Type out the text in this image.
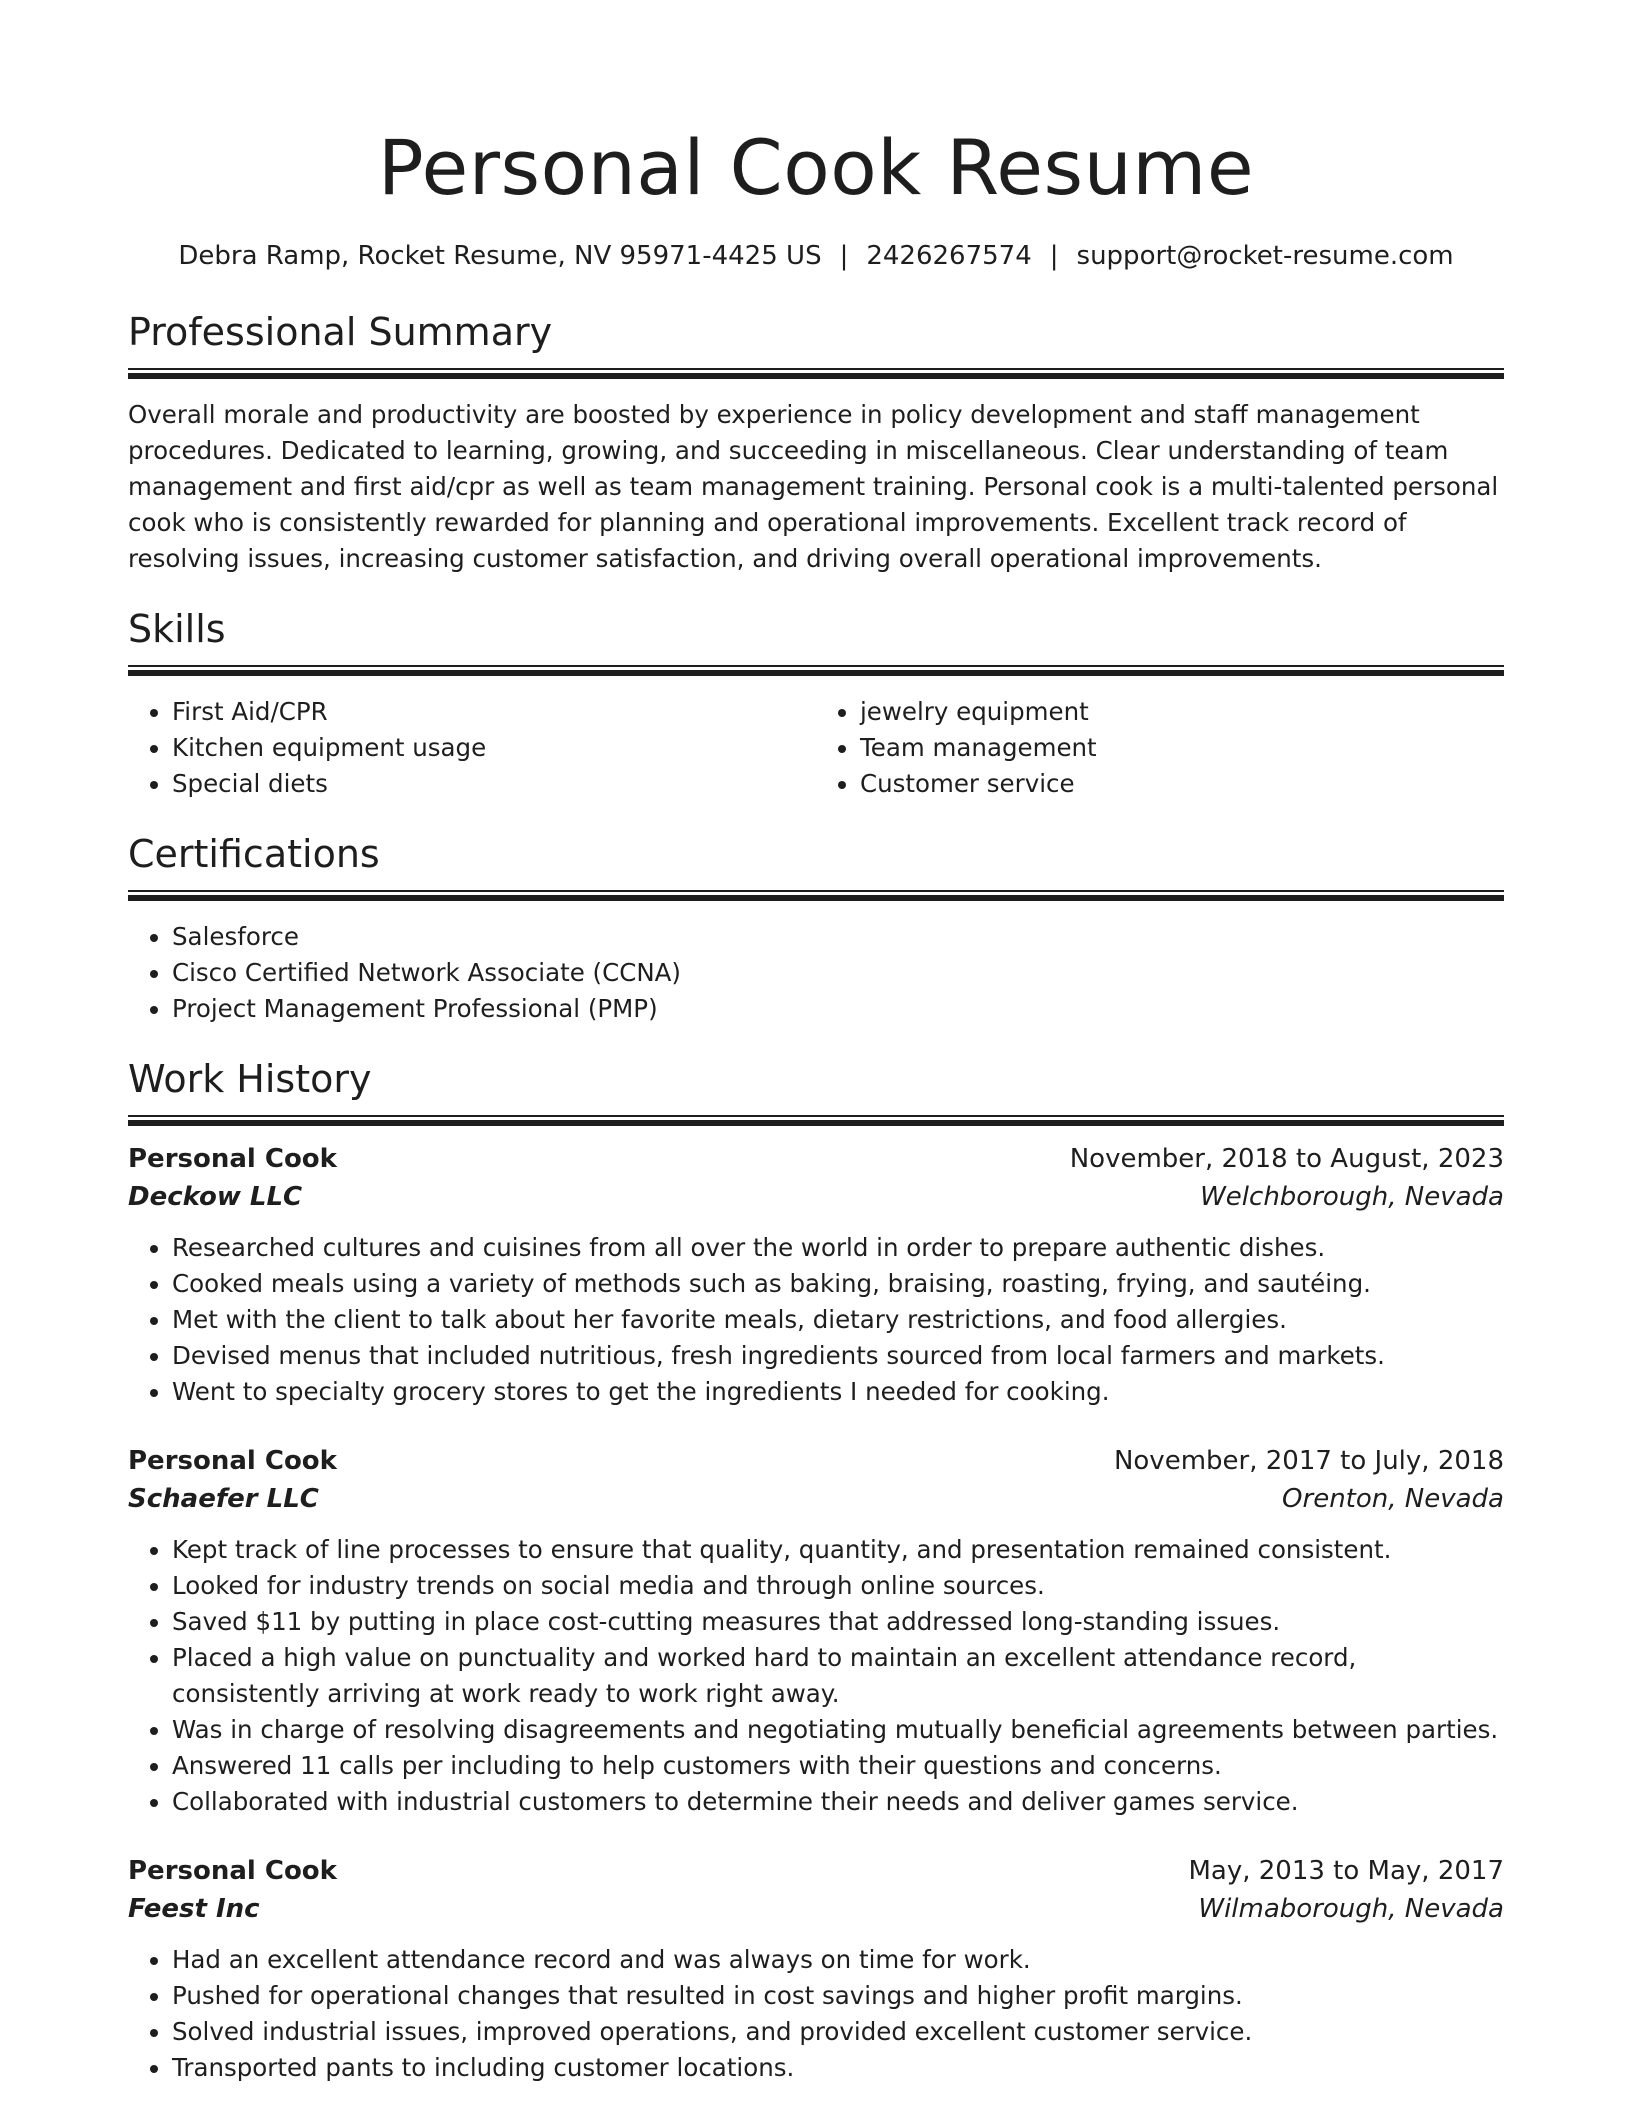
Personal Cook Resume
Debra Ramp, Rocket Resume, NV 95971-4425 US | 2426267574 | support@rocket-resume.com
Professional Summary

Overall morale and productivity are boosted by experience in policy development and staff management procedures. Dedicated to learning, growing, and succeeding in miscellaneous. Clear understanding of team management and first aid/cpr as well as team management training. Personal cook is a multi-talented personal cook who is consistently rewarded for planning and operational improvements. Excellent track record of resolving issues, increasing customer satisfaction, and driving overall operational improvements.

Skills
• First Aid/CPR
• Kitchen equipment usage
• Special diets
• jewelry equipment
• Team management
• Customer service
Certifications
• Salesforce
• Cisco Certified Network Associate (CCNA)
• Project Management Professional (PMP)
Work History
Personal Cook	November, 2018 to August, 2023
Deckow LLC	Welchborough, Nevada
• Researched cultures and cuisines from all over the world in order to prepare authentic dishes.
• Cooked meals using a variety of methods such as baking, braising, roasting, frying, and sautéing.
• Met with the client to talk about her favorite meals, dietary restrictions, and food allergies.
• Devised menus that included nutritious, fresh ingredients sourced from local farmers and markets.
• Went to specialty grocery stores to get the ingredients I needed for cooking.
Personal Cook	November, 2017 to July, 2018
Schaefer LLC	Orenton, Nevada
• Kept track of line processes to ensure that quality, quantity, and presentation remained consistent.
• Looked for industry trends on social media and through online sources.
• Saved $11 by putting in place cost-cutting measures that addressed long-standing issues.
• Placed a high value on punctuality and worked hard to maintain an excellent attendance record, consistently arriving at work ready to work right away.
• Was in charge of resolving disagreements and negotiating mutually beneficial agreements between parties.
• Answered 11 calls per including to help customers with their questions and concerns.
• Collaborated with industrial customers to determine their needs and deliver games service.
Personal Cook	May, 2013 to May, 2017
Feest Inc	Wilmaborough, Nevada
• Had an excellent attendance record and was always on time for work.
• Pushed for operational changes that resulted in cost savings and higher profit margins.
• Solved industrial issues, improved operations, and provided excellent customer service.
• Transported pants to including customer locations.
